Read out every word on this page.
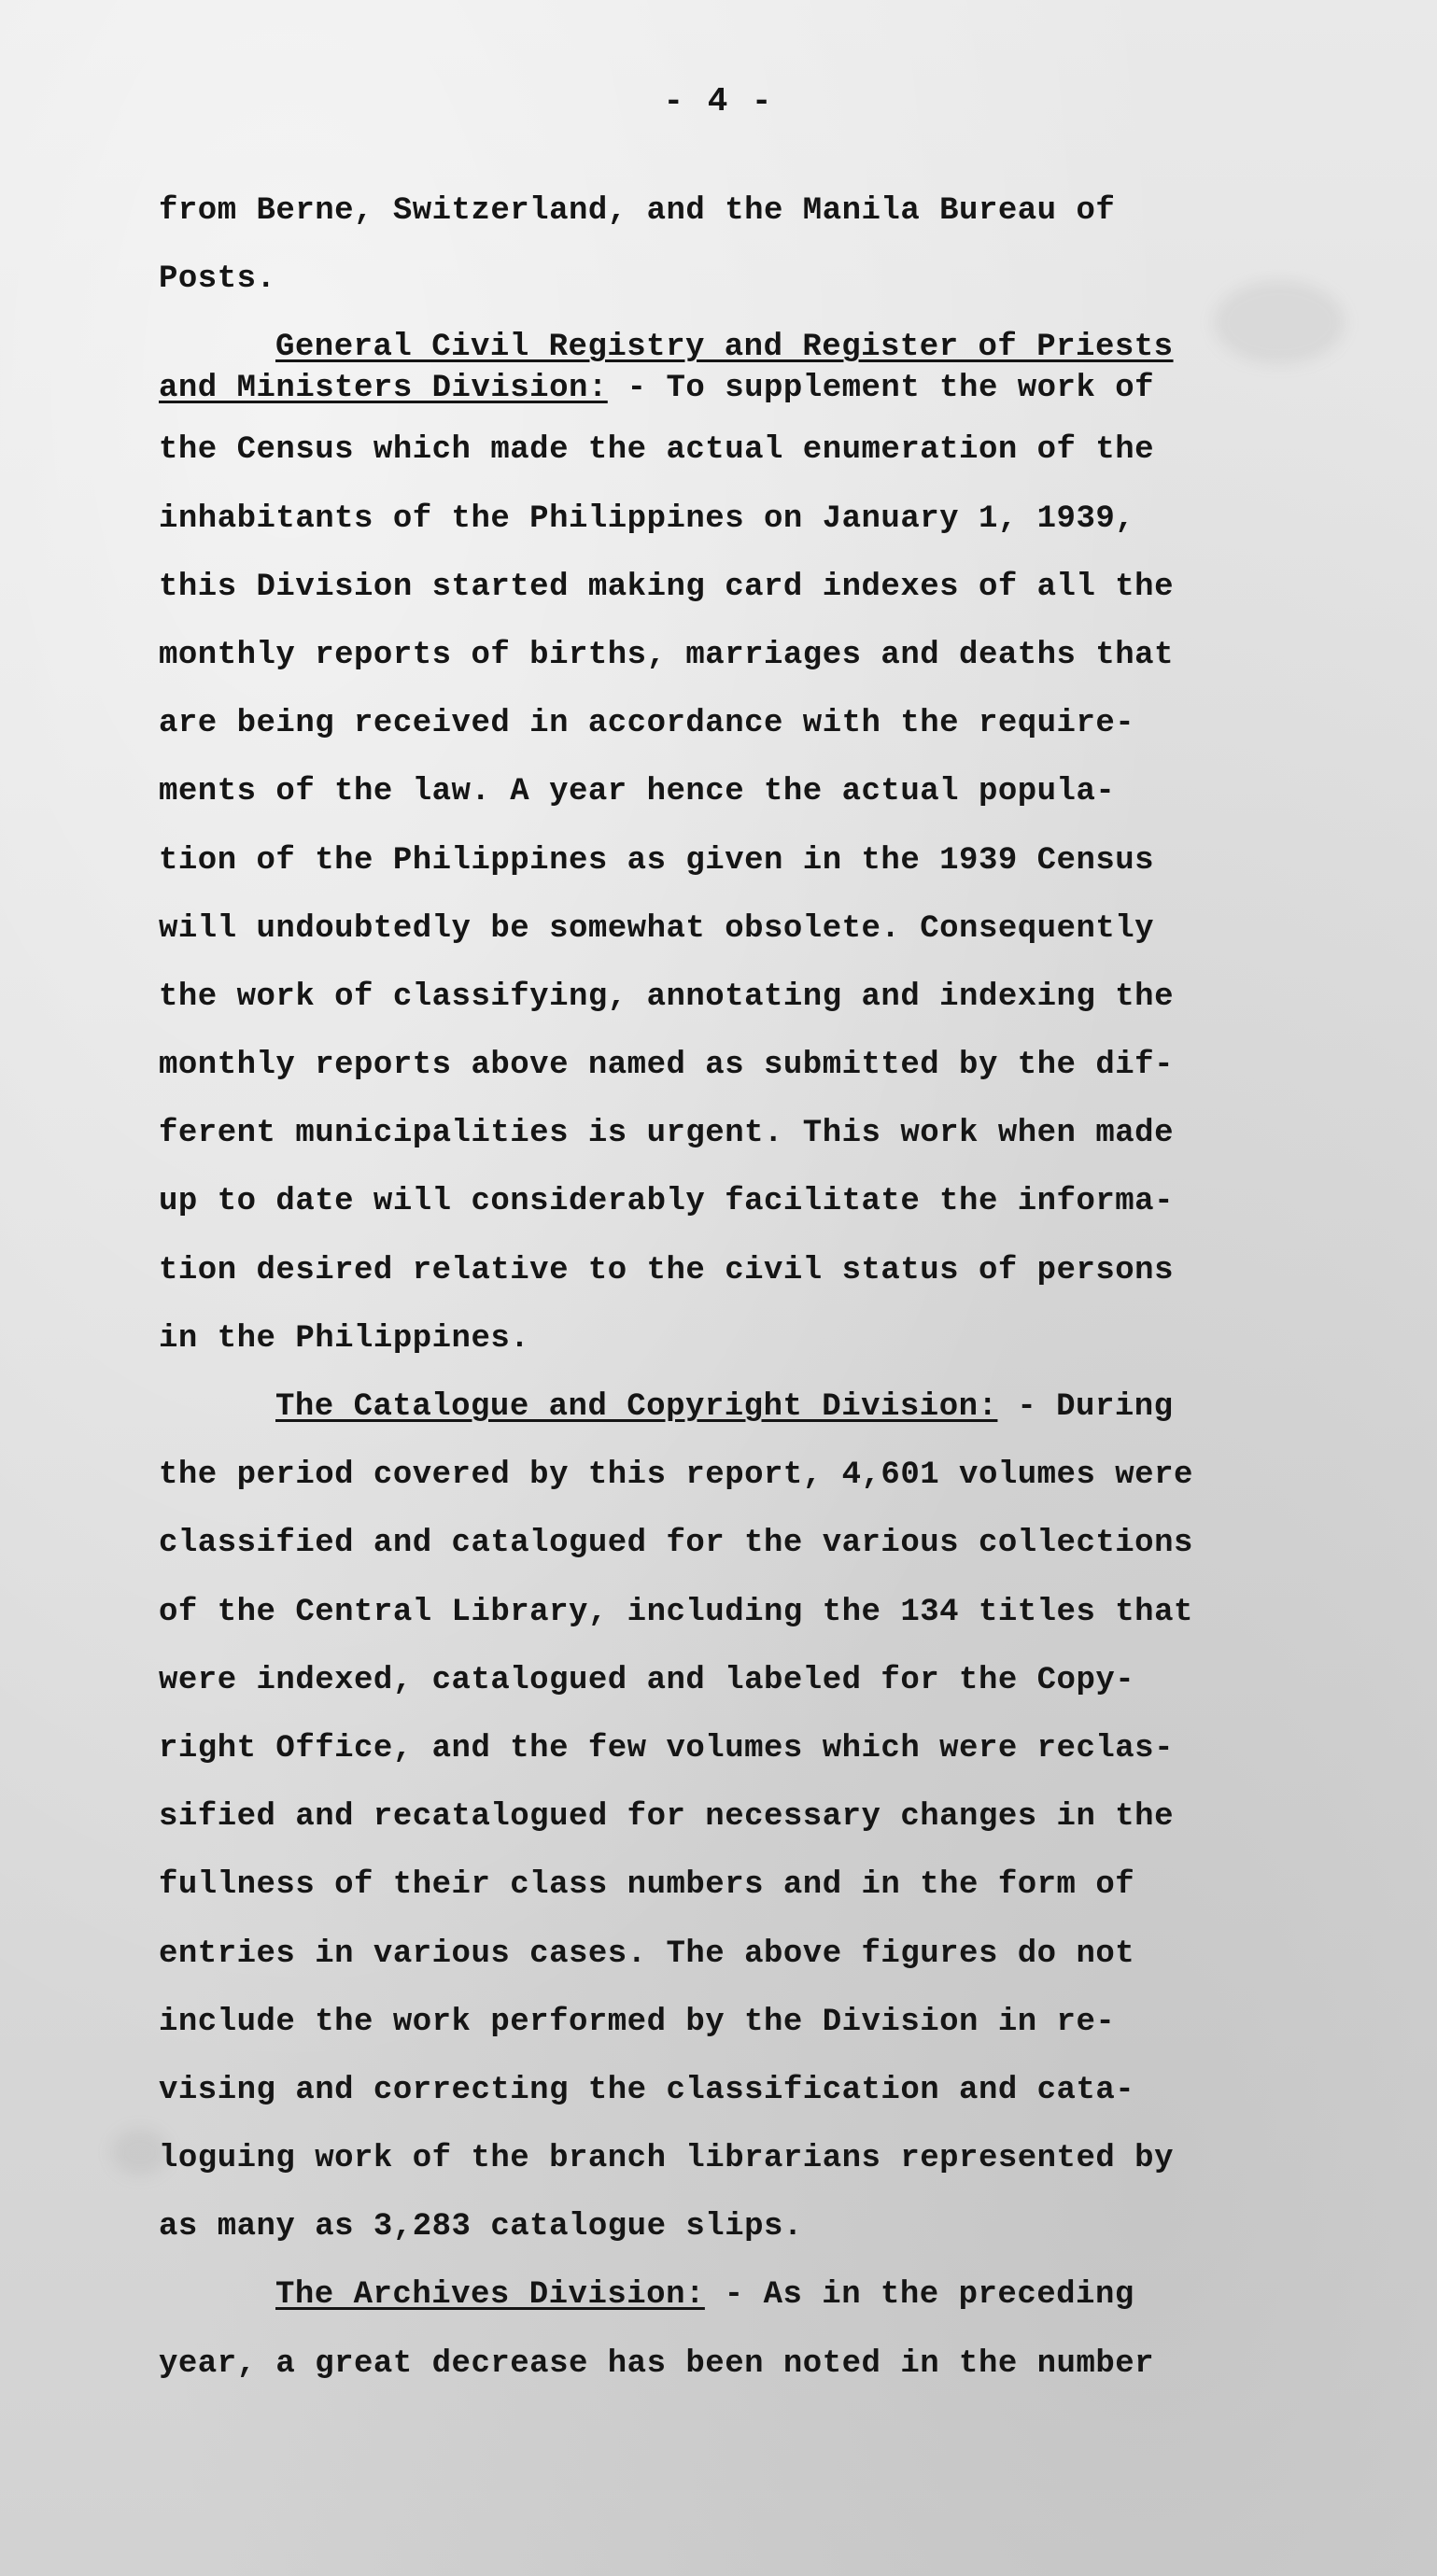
- 4 -
from Berne, Switzerland, and the Manila Bureau of
Posts.
General Civil Registry and Register of Priests
and Ministers Division: - To supplement the work of
the Census which made the actual enumeration of the
inhabitants of the Philippines on January 1, 1939,
this Division started making card indexes of all the
monthly reports of births, marriages and deaths that
are being received in accordance with the require-
ments of the law. A year hence the actual popula-
tion of the Philippines as given in the 1939 Census
will undoubtedly be somewhat obsolete. Consequently
the work of classifying, annotating and indexing the
monthly reports above named as submitted by the dif-
ferent municipalities is urgent. This work when made
up to date will considerably facilitate the informa-
tion desired relative to the civil status of persons
in the Philippines.
The Catalogue and Copyright Division: - During
the period covered by this report, 4,601 volumes were
classified and catalogued for the various collections
of the Central Library, including the 134 titles that
were indexed, catalogued and labeled for the Copy-
right Office, and the few volumes which were reclas-
sified and recatalogued for necessary changes in the
fullness of their class numbers and in the form of
entries in various cases. The above figures do not
include the work performed by the Division in re-
vising and correcting the classification and cata-
loguing work of the branch librarians represented by
as many as 3,283 catalogue slips.
The Archives Division: - As in the preceding
year, a great decrease has been noted in the number
